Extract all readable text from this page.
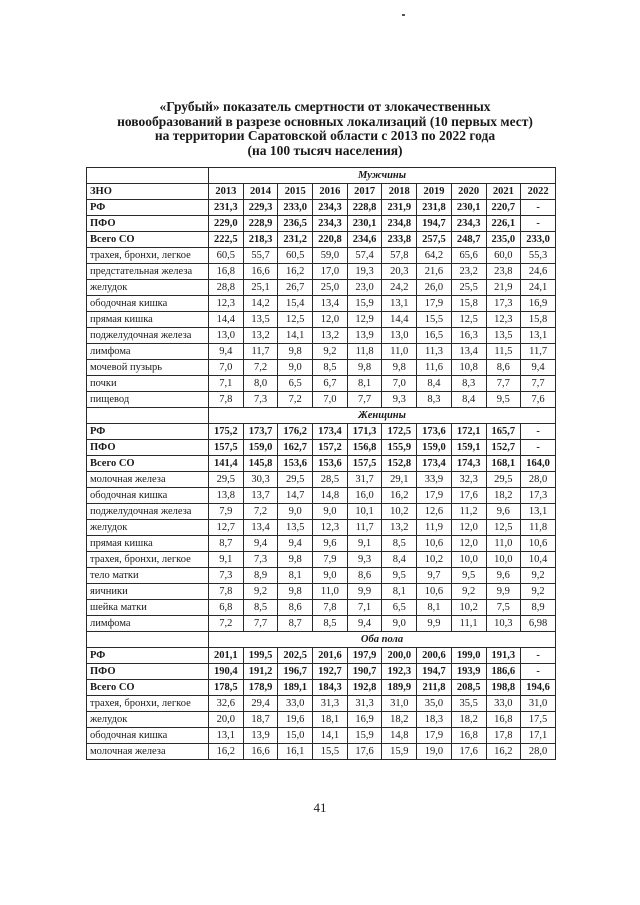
«Грубый» показатель смертности от злокачественных
новообразований в разрезе основных локализаций (10 первых мест)
на территории Саратовской области с 2013 по 2022 года
(на 100 тысяч населения)
	Мужчины									
ЗНО	2013	2014	2015	2016	2017	2018	2019	2020	2021	2022
РФ	231,3	229,3	233,0	234,3	228,8	231,9	231,8	230,1	220,7	-
ПФО	229,0	228,9	236,5	234,3	230,1	234,8	194,7	234,3	226,1	-
Всего СО	222,5	218,3	231,2	220,8	234,6	233,8	257,5	248,7	235,0	233,0
трахея, бронхи, легкое	60,5	55,7	60,5	59,0	57,4	57,8	64,2	65,6	60,0	55,3
предстательная железа	16,8	16,6	16,2	17,0	19,3	20,3	21,6	23,2	23,8	24,6
желудок	28,8	25,1	26,7	25,0	23,0	24,2	26,0	25,5	21,9	24,1
ободочная кишка	12,3	14,2	15,4	13,4	15,9	13,1	17,9	15,8	17,3	16,9
прямая кишка	14,4	13,5	12,5	12,0	12,9	14,4	15,5	12,5	12,3	15,8
поджелудочная железа	13,0	13,2	14,1	13,2	13,9	13,0	16,5	16,3	13,5	13,1
лимфома	9,4	11,7	9,8	9,2	11,8	11,0	11,3	13,4	11,5	11,7
мочевой пузырь	7,0	7,2	9,0	8,5	9,8	9,8	11,6	10,8	8,6	9,4
почки	7,1	8,0	6,5	6,7	8,1	7,0	8,4	8,3	7,7	7,7
пищевод	7,8	7,3	7,2	7,0	7,7	9,3	8,3	8,4	9,5	7,6
	Женщины									
РФ	175,2	173,7	176,2	173,4	171,3	172,5	173,6	172,1	165,7	-
ПФО	157,5	159,0	162,7	157,2	156,8	155,9	159,0	159,1	152,7	-
Всего СО	141,4	145,8	153,6	153,6	157,5	152,8	173,4	174,3	168,1	164,0
молочная железа	29,5	30,3	29,5	28,5	31,7	29,1	33,9	32,3	29,5	28,0
ободочная кишка	13,8	13,7	14,7	14,8	16,0	16,2	17,9	17,6	18,2	17,3
поджелудочная железа	7,9	7,2	9,0	9,0	10,1	10,2	12,6	11,2	9,6	13,1
желудок	12,7	13,4	13,5	12,3	11,7	13,2	11,9	12,0	12,5	11,8
прямая кишка	8,7	9,4	9,4	9,6	9,1	8,5	10,6	12,0	11,0	10,6
трахея, бронхи, легкое	9,1	7,3	9,8	7,9	9,3	8,4	10,2	10,0	10,0	10,4
тело матки	7,3	8,9	8,1	9,0	8,6	9,5	9,7	9,5	9,6	9,2
яичники	7,8	9,2	9,8	11,0	9,9	8,1	10,6	9,2	9,9	9,2
шейка матки	6,8	8,5	8,6	7,8	7,1	6,5	8,1	10,2	7,5	8,9
лимфома	7,2	7,7	8,7	8,5	9,4	9,0	9,9	11,1	10,3	6,98
	Оба пола									
РФ	201,1	199,5	202,5	201,6	197,9	200,0	200,6	199,0	191,3	-
ПФО	190,4	191,2	196,7	192,7	190,7	192,3	194,7	193,9	186,6	-
Всего СО	178,5	178,9	189,1	184,3	192,8	189,9	211,8	208,5	198,8	194,6
трахея, бронхи, легкое	32,6	29,4	33,0	31,3	31,3	31,0	35,0	35,5	33,0	31,0
желудок	20,0	18,7	19,6	18,1	16,9	18,2	18,3	18,2	16,8	17,5
ободочная кишка	13,1	13,9	15,0	14,1	15,9	14,8	17,9	16,8	17,8	17,1
молочная железа	16,2	16,6	16,1	15,5	17,6	15,9	19,0	17,6	16,2	28,0
41
